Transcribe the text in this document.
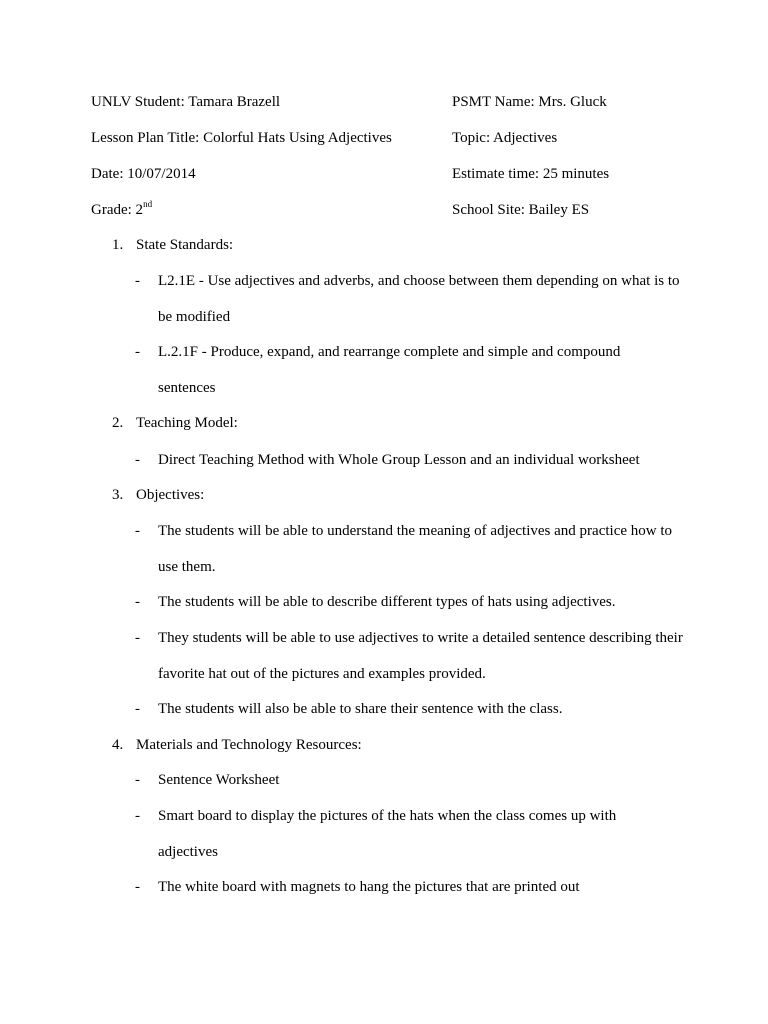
UNLV Student: Tamara Brazell	PSMT Name: Mrs. Gluck
Lesson Plan Title: Colorful Hats Using Adjectives	Topic: Adjectives
Date: 10/07/2014	Estimate time: 25 minutes
Grade: 2nd	School Site: Bailey ES
1. State Standards:
- L2.1E - Use adjectives and adverbs, and choose between them depending on what is to be modified
- L.2.1F - Produce, expand, and rearrange complete and simple and compound sentences
2. Teaching Model:
- Direct Teaching Method with Whole Group Lesson and an individual worksheet
3. Objectives:
- The students will be able to understand the meaning of adjectives and practice how to use them.
- The students will be able to describe different types of hats using adjectives.
- They students will be able to use adjectives to write a detailed sentence describing their favorite hat out of the pictures and examples provided.
- The students will also be able to share their sentence with the class.
4. Materials and Technology Resources:
- Sentence Worksheet
- Smart board to display the pictures of the hats when the class comes up with adjectives
- The white board with magnets to hang the pictures that are printed out
